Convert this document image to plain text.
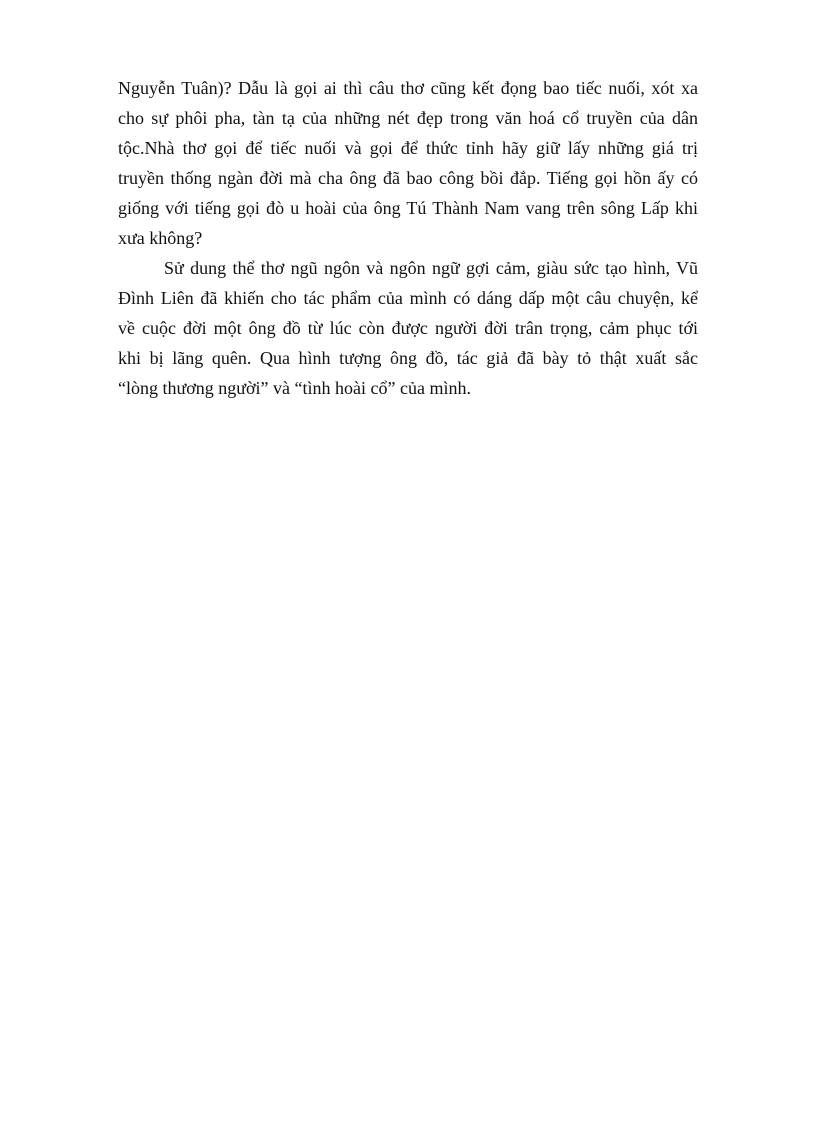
Nguyễn Tuân)? Dẫu là gọi ai thì câu thơ cũng kết đọng bao tiếc nuối, xót xa
cho sự phôi pha, tàn tạ của những nét đẹp trong văn hoá cổ truyền của dân
tộc.Nhà thơ gọi để tiếc nuối và gọi để thức tỉnh hãy giữ lấy những giá trị
truyền thống ngàn đời mà cha ông đã bao công bồi đắp. Tiếng gọi hồn ấy có
giống với tiếng gọi đò u hoài của ông Tú Thành Nam vang trên sông Lấp khi
xưa không?
Sử dung thể thơ ngũ ngôn và ngôn ngữ gợi cảm, giàu sức tạo hình, Vũ
Đình Liên đã khiến cho tác phẩm của mình có dáng dấp một câu chuyện, kể
về cuộc đời một ông đồ từ lúc còn được người đời trân trọng, cảm phục tới
khi bị lãng quên. Qua hình tượng ông đồ, tác giả đã bày tỏ thật xuất sắc
“lòng thương người” và “tình hoài cổ” của mình.
